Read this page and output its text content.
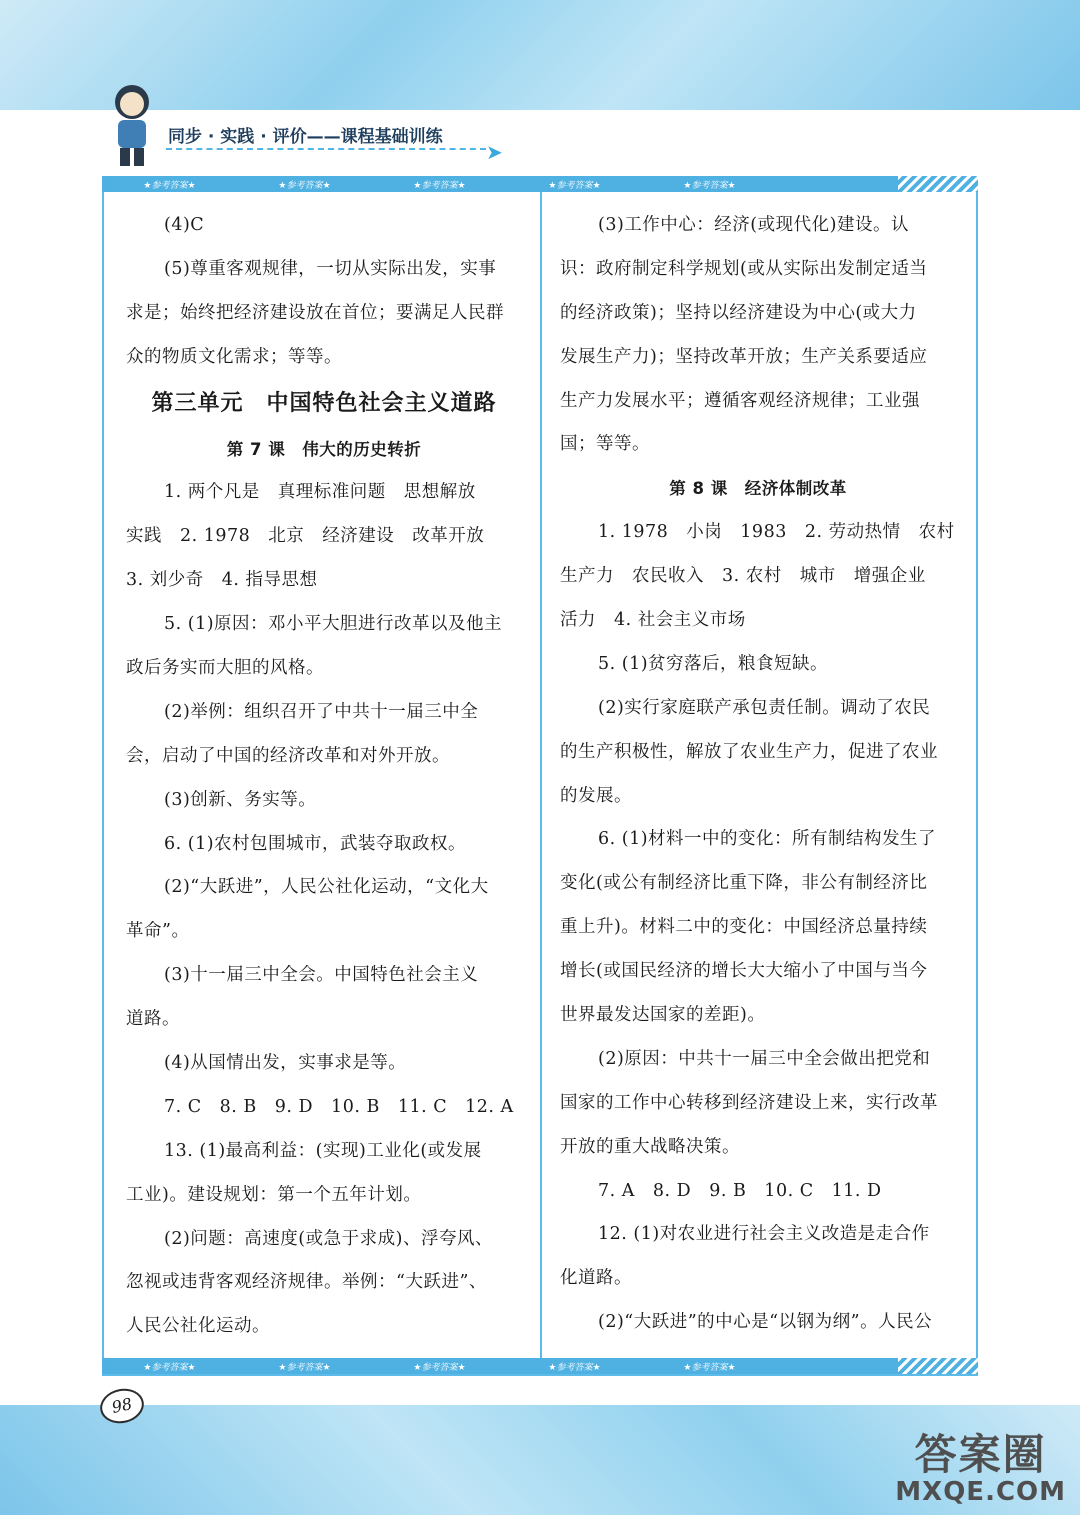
同步 · 实践 · 评价——课程基础训练
➤
★参考答案★	★参考答案★	★参考答案★	★参考答案★	★参考答案★
★参考答案★	★参考答案★	★参考答案★	★参考答案★	★参考答案★
(4)C
(5)尊重客观规律，一切从实际出发，实事
求是；始终把经济建设放在首位；要满足人民群
众的物质文化需求；等等。
第三单元　中国特色社会主义道路
第 7 课　伟大的历史转折
1. 两个凡是　真理标准问题　思想解放
实践　2. 1978　北京　经济建设　改革开放
3. 刘少奇　4. 指导思想
5. (1)原因：邓小平大胆进行改革以及他主
政后务实而大胆的风格。
(2)举例：组织召开了中共十一届三中全
会，启动了中国的经济改革和对外开放。
(3)创新、务实等。
6. (1)农村包围城市，武装夺取政权。
(2)“大跃进”，人民公社化运动，“文化大
革命”。
(3)十一届三中全会。中国特色社会主义
道路。
(4)从国情出发，实事求是等。
7. C　8. B　9. D　10. B　11. C　12. A
13. (1)最高利益：(实现)工业化(或发展
工业)。建设规划：第一个五年计划。
(2)问题：高速度(或急于求成)、浮夸风、
忽视或违背客观经济规律。举例：“大跃进”、
人民公社化运动。
(3)工作中心：经济(或现代化)建设。认
识：政府制定科学规划(或从实际出发制定适当
的经济政策)；坚持以经济建设为中心(或大力
发展生产力)；坚持改革开放；生产关系要适应
生产力发展水平；遵循客观经济规律；工业强
国；等等。
第 8 课　经济体制改革
1. 1978　小岗　1983　2. 劳动热情　农村
生产力　农民收入　3. 农村　城市　增强企业
活力　4. 社会主义市场
5. (1)贫穷落后，粮食短缺。
(2)实行家庭联产承包责任制。调动了农民
的生产积极性，解放了农业生产力，促进了农业
的发展。
6. (1)材料一中的变化：所有制结构发生了
变化(或公有制经济比重下降，非公有制经济比
重上升)。材料二中的变化：中国经济总量持续
增长(或国民经济的增长大大缩小了中国与当今
世界最发达国家的差距)。
(2)原因：中共十一届三中全会做出把党和
国家的工作中心转移到经济建设上来，实行改革
开放的重大战略决策。
7. A　8. D　9. B　10. C　11. D
12. (1)对农业进行社会主义改造是走合作
化道路。
(2)“大跃进”的中心是“以钢为纲”。人民公
98
答案圈
MXQE.COM
